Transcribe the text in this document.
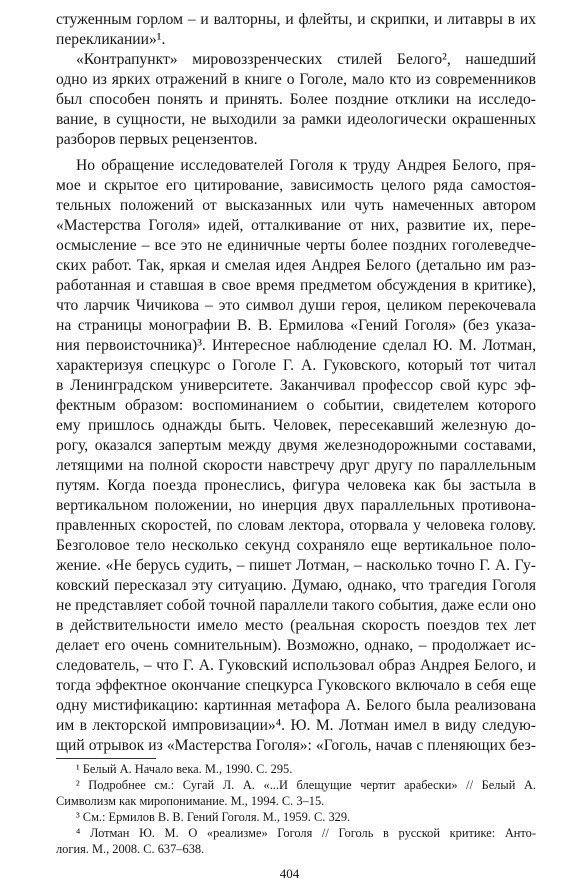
стуженным горлом – и валторны, и флейты, и скрипки, и литавры в их
перекликании»¹.
«Контрапункт» мировоззренческих стилей Белого², нашедший
одно из ярких отражений в книге о Гоголе, мало кто из современников
был способен понять и принять. Более поздние отклики на исследо-
вание, в сущности, не выходили за рамки идеологически окрашенных
разборов первых рецензентов.
Но обращение исследователей Гоголя к труду Андрея Белого, пря-
мое и скрытое его цитирование, зависимость целого ряда самостоя-
тельных положений от высказанных или чуть намеченных автором
«Мастерства Гоголя» идей, отталкивание от них, развитие их, пере-
осмысление – все это не единичные черты более поздних гоголеведче-
ских работ. Так, яркая и смелая идея Андрея Белого (детально им раз-
работанная и ставшая в свое время предметом обсуждения в критике),
что ларчик Чичикова – это символ души героя, целиком перекочевала
на страницы монографии В. В. Ермилова «Гений Гоголя» (без указа-
ния первоисточника)³. Интересное наблюдение сделал Ю. М. Лотман,
характеризуя спецкурс о Гоголе Г. А. Гуковского, который тот читал
в Ленинградском университете. Заканчивал профессор свой курс эф-
фектным образом: воспоминанием о событии, свидетелем которого
ему пришлось однажды быть. Человек, пересекавший железную до-
рогу, оказался запертым между двумя железнодорожными составами,
летящими на полной скорости навстречу друг другу по параллельным
путям. Когда поезда пронеслись, фигура человека как бы застыла в
вертикальном положении, но инерция двух параллельных противона-
правленных скоростей, по словам лектора, оторвала у человека голову.
Безголовое тело несколько секунд сохраняло еще вертикальное поло-
жение. «Не берусь судить, – пишет Лотман, – насколько точно Г. А. Гу-
ковский пересказал эту ситуацию. Думаю, однако, что трагедия Гоголя
не представляет собой точной параллели такого события, даже если оно
в действительности имело место (реальная скорость поездов тех лет
делает его очень сомнительным). Возможно, однако, – продолжает ис-
следователь, – что Г. А. Гуковский использовал образ Андрея Белого, и
тогда эффектное окончание спецкурса Гуковского включало в себя еще
одну мистификацию: картинная метафора А. Белого была реализована
им в лекторской импровизации»⁴. Ю. М. Лотман имел в виду следую-
щий отрывок из «Мастерства Гоголя»: «Гоголь, начав с пленяющих без-
¹ Белый А. Начало века. М., 1990. С. 295.
² Подробнее см.: Сугай Л. А. «...И блещущие чертит арабески» // Белый А.
Символизм как миропонимание. М., 1994. С. 3–15.
³ См.: Ермилов В. В. Гений Гоголя. М., 1959. С. 329.
⁴ Лотман Ю. М. О «реализме» Гоголя // Гоголь в русской критике: Анто-
логия. М., 2008. С. 637–638.
404
